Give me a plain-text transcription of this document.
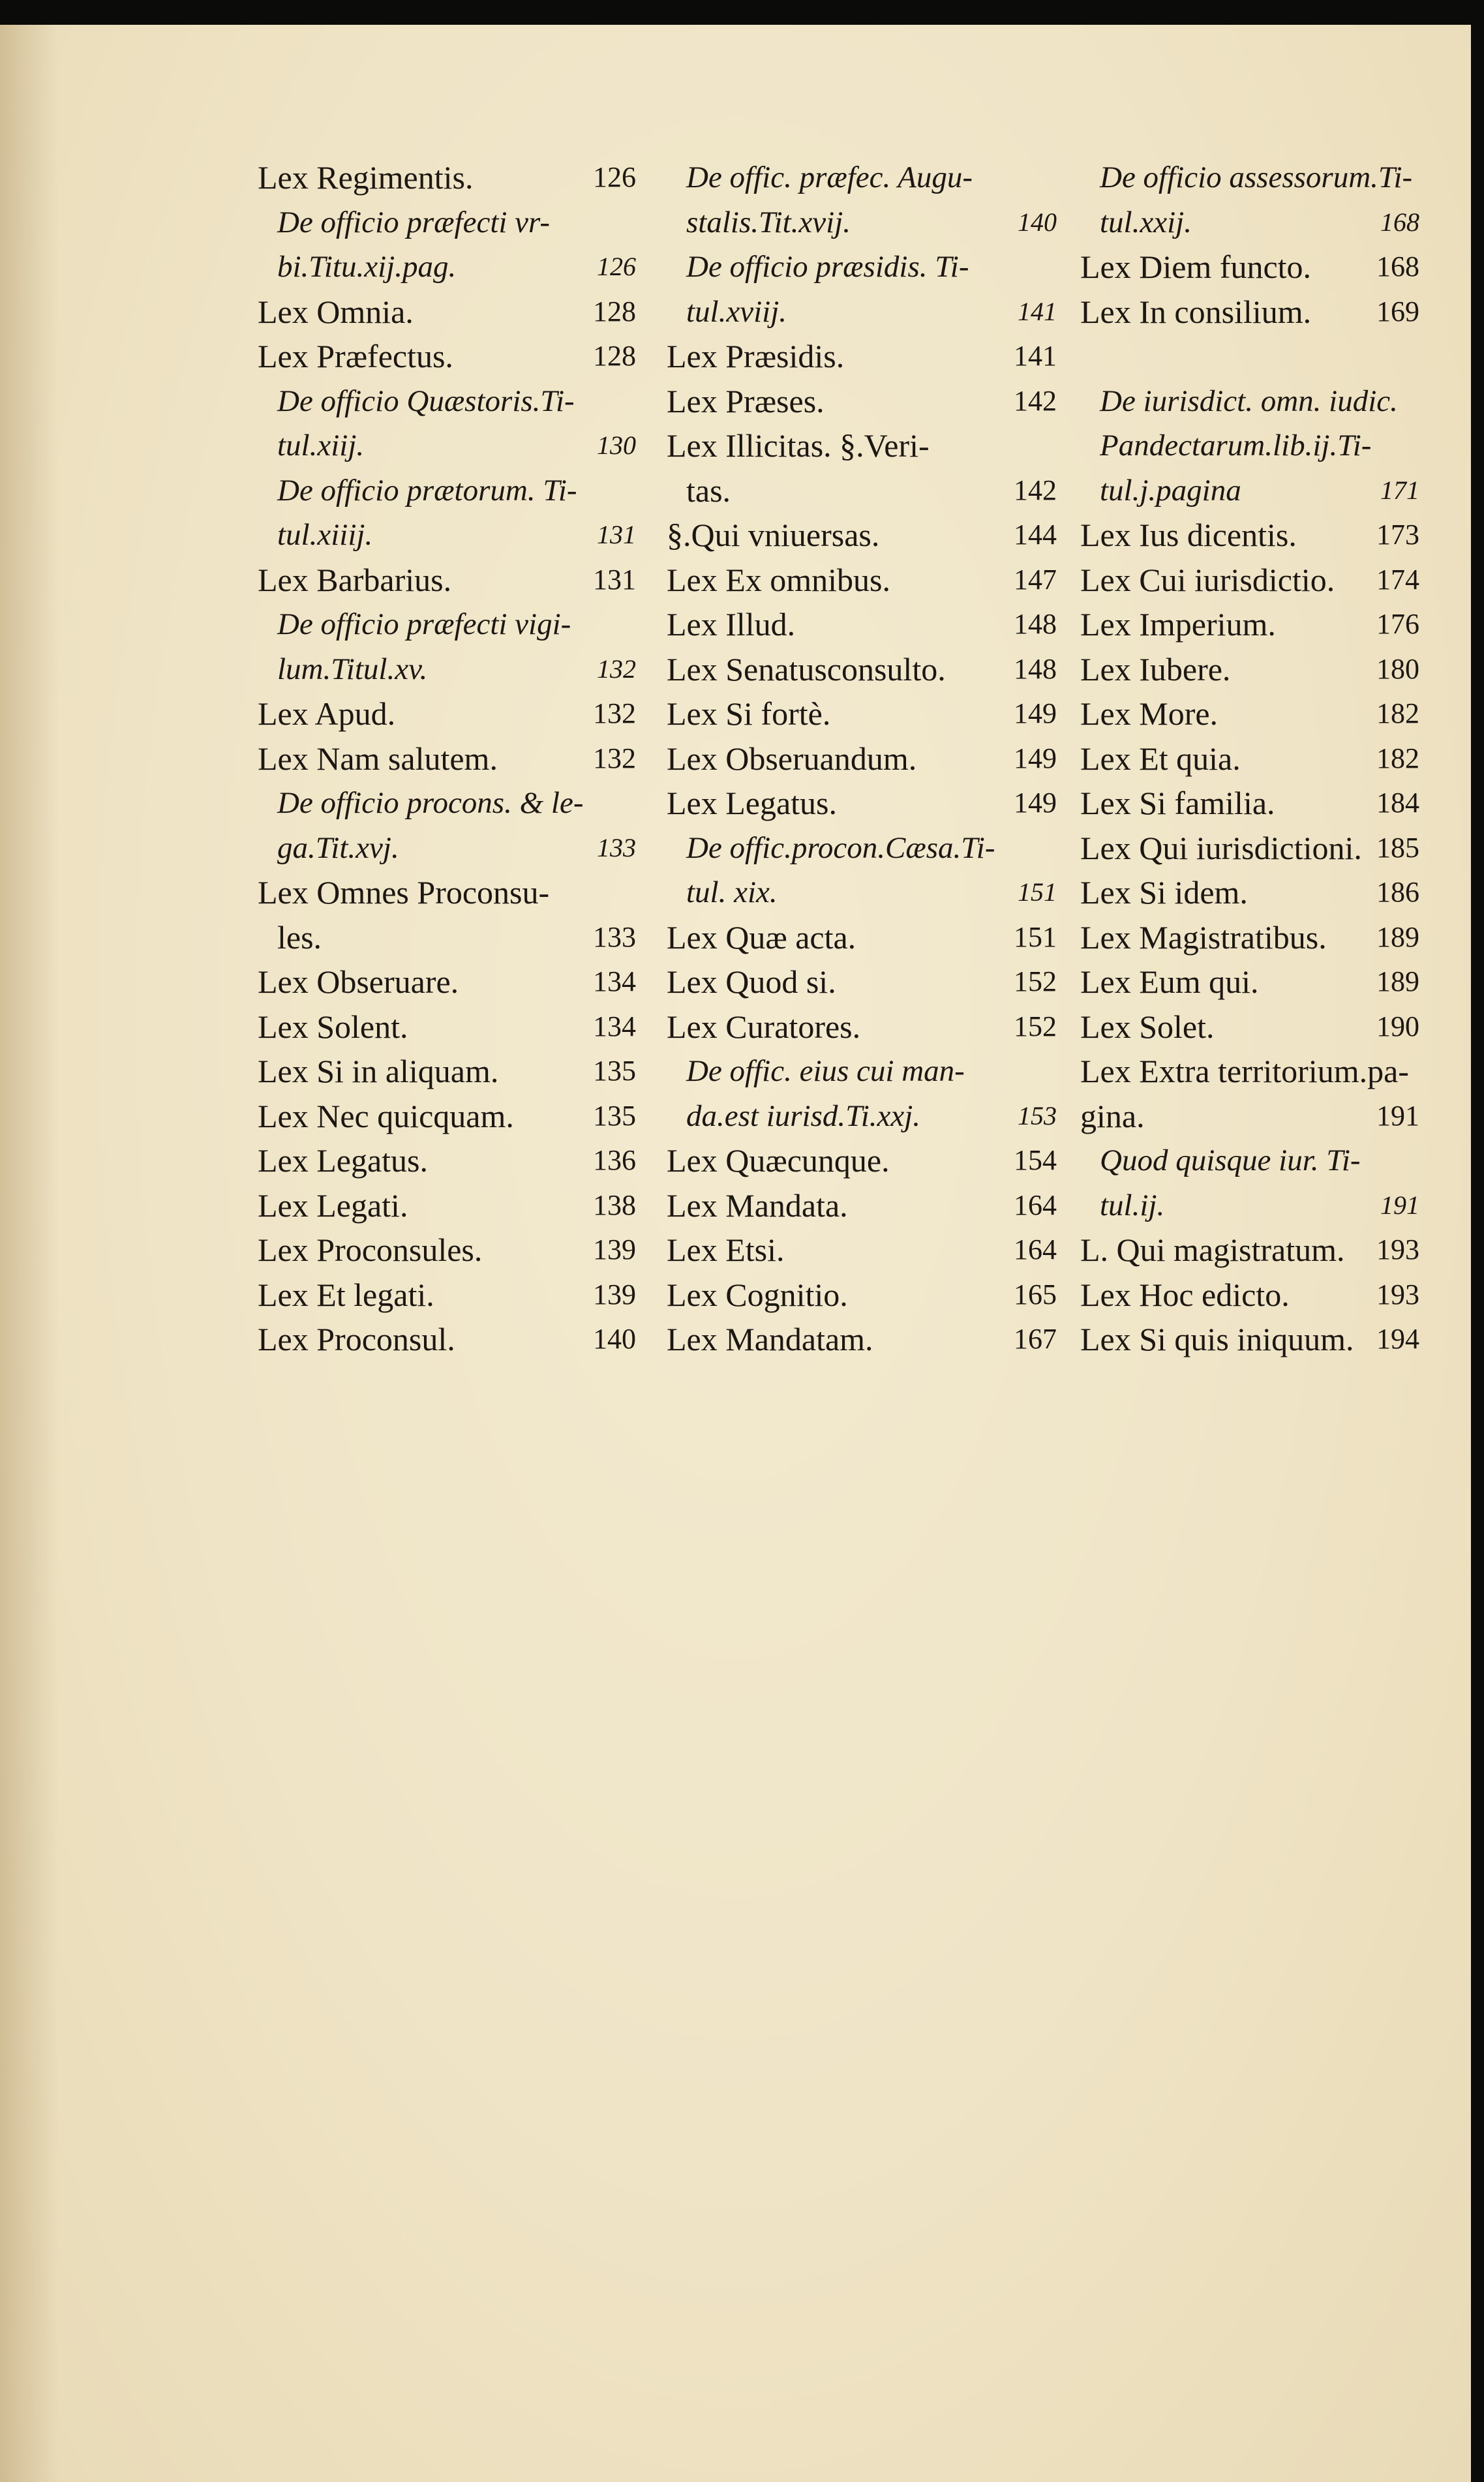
Lex Regimentis.	126
De officio præfecti vr-
bi.Titu.xij.pag.	126
Lex Omnia.	128
Lex Præfectus.	128
De officio Quæstoris.Ti-
tul.xiij.	130
De officio prætorum. Ti-
tul.xiiij.	131
Lex Barbarius.	131
De officio præfecti vigi-
lum.Titul.xv.	132
Lex Apud.	132
Lex Nam salutem.	132
De officio procons. & le-
ga.Tit.xvj.	133
Lex Omnes Proconsu-
les.	133
Lex Obseruare.	134
Lex Solent.	134
Lex Si in aliquam.	135
Lex Nec quicquam.	135
Lex Legatus.	136
Lex Legati.	138
Lex Proconsules.	139
Lex Et legati.	139
Lex Proconsul.	140
De offic. præfec. Augu-
stalis.Tit.xvij.	140
De officio præsidis. Ti-
tul.xviij.	141
Lex Præsidis.	141
Lex Præses.	142
Lex Illicitas. §.Veri-
tas.	142
§.Qui vniuersas.	144
Lex Ex omnibus.	147
Lex Illud.	148
Lex Senatusconsulto. 148
Lex Si fortè.	149
Lex Obseruandum.	149
Lex Legatus.	149
De offic.procon.Cæsa.Ti-
tul. xix.	151
Lex Quæ acta.	151
Lex Quod si.	152
Lex Curatores.	152
De offic. eius cui man-
da.est iurisd.Ti.xxj.	153
Lex Quæcunque.	154
Lex Mandata.	164
Lex Etsi.	164
Lex Cognitio.	165
Lex Mandatam.	167
De officio assessorum.Ti-
tul.xxij.	168
Lex Diem functo. 168
Lex In consilium. 169
De iurisdict. omn. iudic.
Pandectarum.lib.ij.Ti-
tul.j.pagina	171
Lex Ius dicentis.	173
Lex Cui iurisdictio. 174
Lex Imperium.	176
Lex Iubere.	180
Lex More.	182
Lex Et quia.	182
Lex Si familia.	184
Lex Qui iurisdictioni. 185
Lex Si idem.	186
Lex Magistratibus. 189
Lex Eum qui.	189
Lex Solet.	190
Lex Extra territorium.pa-
gina.	191
Quod quisque iur. Ti-
tul.ij.	191
L. Qui magistratum. 193
Lex Hoc edicto.	193
Lex Si quis iniquum. 194
